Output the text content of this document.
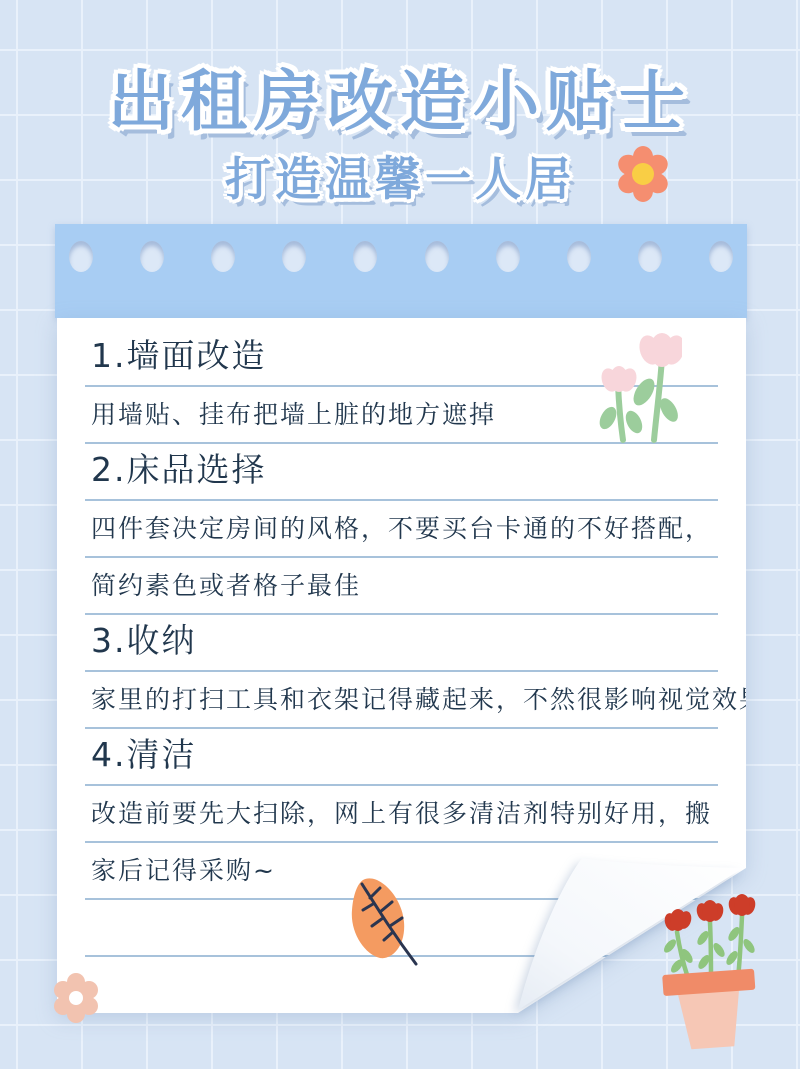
出租房改造小贴士
打造温馨一人居
1.墙面改造
用墙贴、挂布把墙上脏的地方遮掉
2.床品选择
四件套决定房间的风格，不要买台卡通的不好搭配，
简约素色或者格子最佳
3.收纳
家里的打扫工具和衣架记得藏起来，不然很影响视觉效果
4.清洁
改造前要先大扫除，网上有很多清洁剂特别好用，搬
家后记得采购~
